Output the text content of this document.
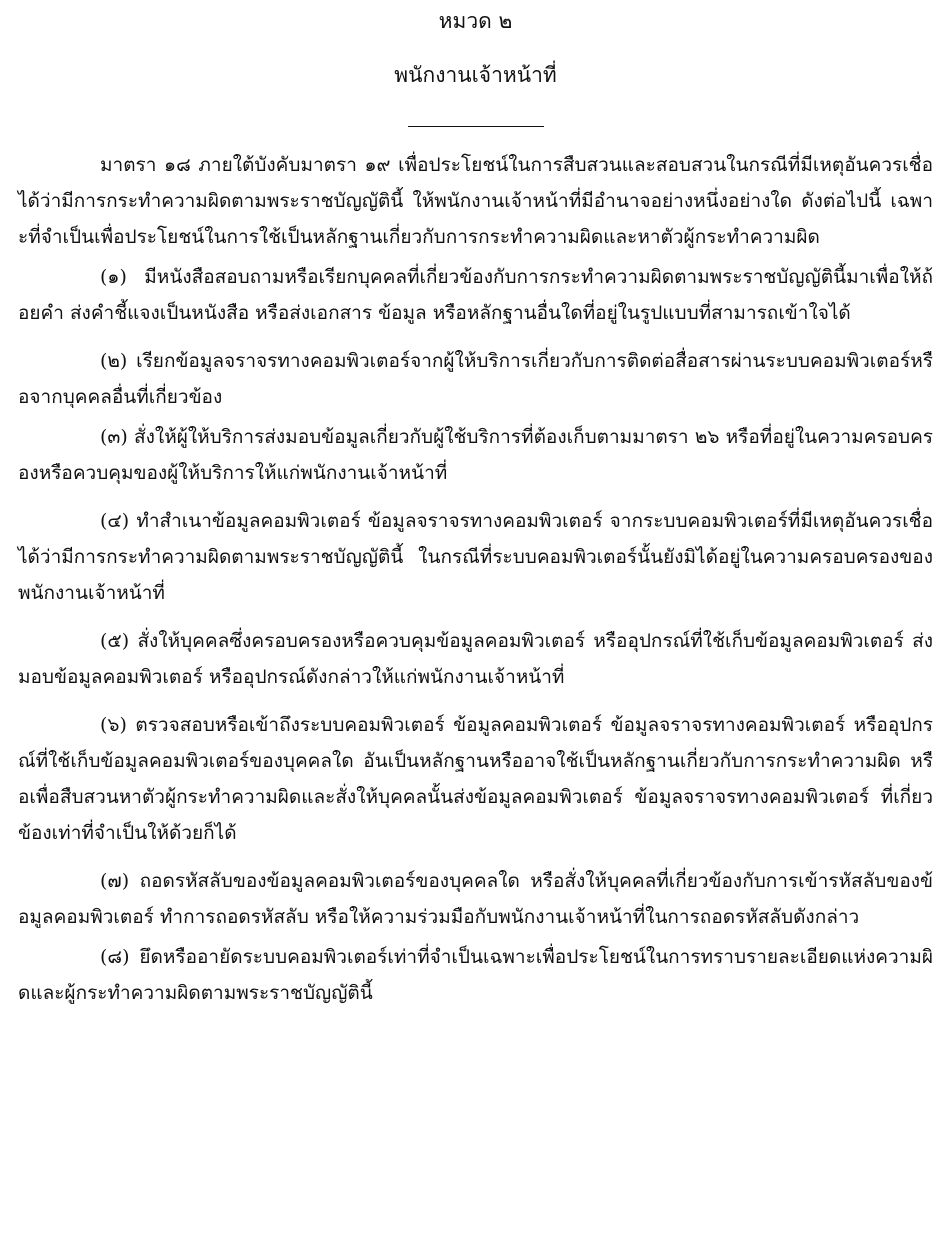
หมวด ๒
พนักงานเจ้าหน้าที่

มาตรา ๑๘ ภายใต้บังคับมาตรา ๑๙ เพื่อประโยชน์ในการสืบสวนและสอบสวนในกรณีที่มีเหตุอันควรเชื่อได้ว่ามีการกระทำความผิดตามพระราชบัญญัตินี้ ให้พนักงานเจ้าหน้าที่มีอำนาจอย่างหนึ่งอย่างใด ดังต่อไปนี้ เฉพาะที่จำเป็นเพื่อประโยชน์ในการใช้เป็นหลักฐานเกี่ยวกับการกระทำความผิดและหาตัวผู้กระทำความผิด

(๑) มีหนังสือสอบถามหรือเรียกบุคคลที่เกี่ยวข้องกับการกระทำความผิดตามพระราชบัญญัตินี้มาเพื่อให้ถ้อยคำ ส่งคำชี้แจงเป็นหนังสือ หรือส่งเอกสาร ข้อมูล หรือหลักฐานอื่นใดที่อยู่ในรูปแบบที่สามารถเข้าใจได้

(๒) เรียกข้อมูลจราจรทางคอมพิวเตอร์จากผู้ให้บริการเกี่ยวกับการติดต่อสื่อสารผ่านระบบคอมพิวเตอร์หรือจากบุคคลอื่นที่เกี่ยวข้อง

(๓) สั่งให้ผู้ให้บริการส่งมอบข้อมูลเกี่ยวกับผู้ใช้บริการที่ต้องเก็บตามมาตรา ๒๖ หรือที่อยู่ในความครอบครองหรือควบคุมของผู้ให้บริการให้แก่พนักงานเจ้าหน้าที่

(๔) ทำสำเนาข้อมูลคอมพิวเตอร์ ข้อมูลจราจรทางคอมพิวเตอร์ จากระบบคอมพิวเตอร์ที่มีเหตุอันควรเชื่อได้ว่ามีการกระทำความผิดตามพระราชบัญญัตินี้ ในกรณีที่ระบบคอมพิวเตอร์นั้นยังมิได้อยู่ในความครอบครองของพนักงานเจ้าหน้าที่

(๕) สั่งให้บุคคลซึ่งครอบครองหรือควบคุมข้อมูลคอมพิวเตอร์ หรืออุปกรณ์ที่ใช้เก็บข้อมูลคอมพิวเตอร์ ส่งมอบข้อมูลคอมพิวเตอร์ หรืออุปกรณ์ดังกล่าวให้แก่พนักงานเจ้าหน้าที่

(๖) ตรวจสอบหรือเข้าถึงระบบคอมพิวเตอร์ ข้อมูลคอมพิวเตอร์ ข้อมูลจราจรทางคอมพิวเตอร์ หรืออุปกรณ์ที่ใช้เก็บข้อมูลคอมพิวเตอร์ของบุคคลใด อันเป็นหลักฐานหรืออาจใช้เป็นหลักฐานเกี่ยวกับการกระทำความผิด หรือเพื่อสืบสวนหาตัวผู้กระทำความผิดและสั่งให้บุคคลนั้นส่งข้อมูลคอมพิวเตอร์ ข้อมูลจราจรทางคอมพิวเตอร์ ที่เกี่ยวข้องเท่าที่จำเป็นให้ด้วยก็ได้

(๗) ถอดรหัสลับของข้อมูลคอมพิวเตอร์ของบุคคลใด หรือสั่งให้บุคคลที่เกี่ยวข้องกับการเข้ารหัสลับของข้อมูลคอมพิวเตอร์ ทำการถอดรหัสลับ หรือให้ความร่วมมือกับพนักงานเจ้าหน้าที่ในการถอดรหัสลับดังกล่าว

(๘) ยึดหรืออายัดระบบคอมพิวเตอร์เท่าที่จำเป็นเฉพาะเพื่อประโยชน์ในการทราบรายละเอียดแห่งความผิดและผู้กระทำความผิดตามพระราชบัญญัตินี้
